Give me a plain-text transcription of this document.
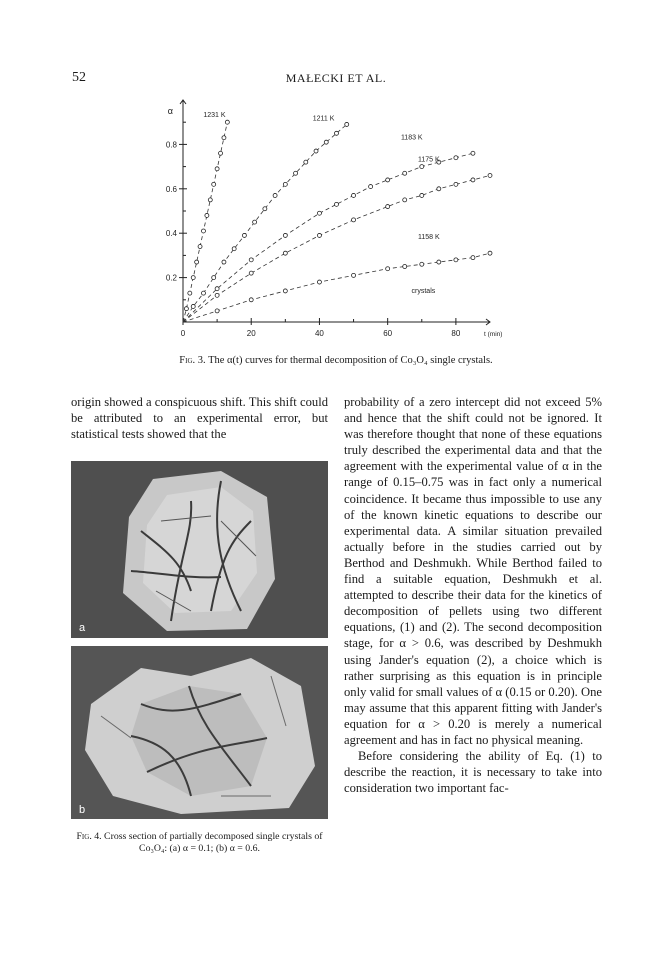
52	MAŁECKI ET AL.
0.2
0.4
0.6
0.8
0	20	40	60	80
α
t (min)
1231 K	1211 K
1183 K
1175 K
1158 K
crystals
Fig. 3. The α(t) curves for thermal decomposition of Co₃O₄ single crystals.

origin showed a conspicuous shift. This shift could be attributed to an experimental error, but statistical tests showed that the

a
b
Fig. 4. Cross section of partially decomposed single crystals of Co₃O₄: (a) α = 0.1; (b) α = 0.6.

probability of a zero intercept did not exceed 5% and hence that the shift could not be ignored. It was therefore thought that none of these equations truly described the experimental data and that the agreement with the experimental value of α in the range of 0.15–0.75 was in fact only a numerical coincidence. It became thus impossible to use any of the known kinetic equations to describe our experimental data. A similar situation prevailed actually before in the studies carried out by Berthod and Deshmukh. While Berthod failed to find a suitable equation, Deshmukh et al. attempted to describe their data for the kinetics of decomposition of pellets using two different equations, (1) and (2). The second decomposition stage, for α > 0.6, was described by Deshmukh using Jander's equation (2), a choice which is rather surprising as this equation is in principle only valid for small values of α (0.15 or 0.20). One may assume that this apparent fitting with Jander's equation for α > 0.20 is merely a numerical agreement and has in fact no physical meaning.

Before considering the ability of Eq. (1) to describe the reaction, it is necessary to take into consideration two important fac-
